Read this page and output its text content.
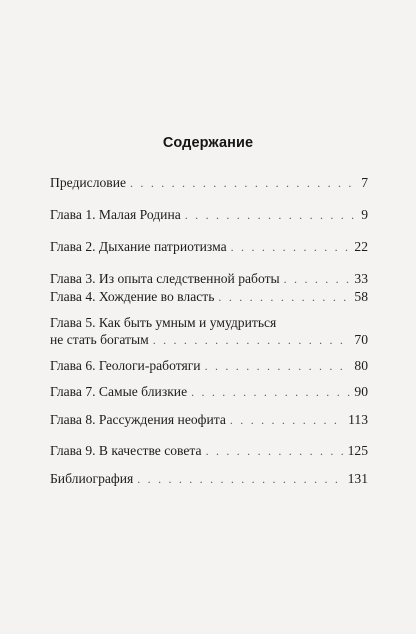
Содержание
Предисловие . . .	7
Глава 1. Малая Родина . . .	9
Глава 2. Дыхание патриотизма . . .	22
Глава 3. Из опыта следственной работы . . .	33
Глава 4. Хождение во власть . . .	58
Глава 5. Как быть умным и умудриться
не стать богатым . . .	70
Глава 6. Геологи-работяги . . .	80
Глава 7. Самые близкие . . .	90
Глава 8. Рассуждения неофита . . .	113
Глава 9. В качестве совета . . .	125
Библиография . . .	131
